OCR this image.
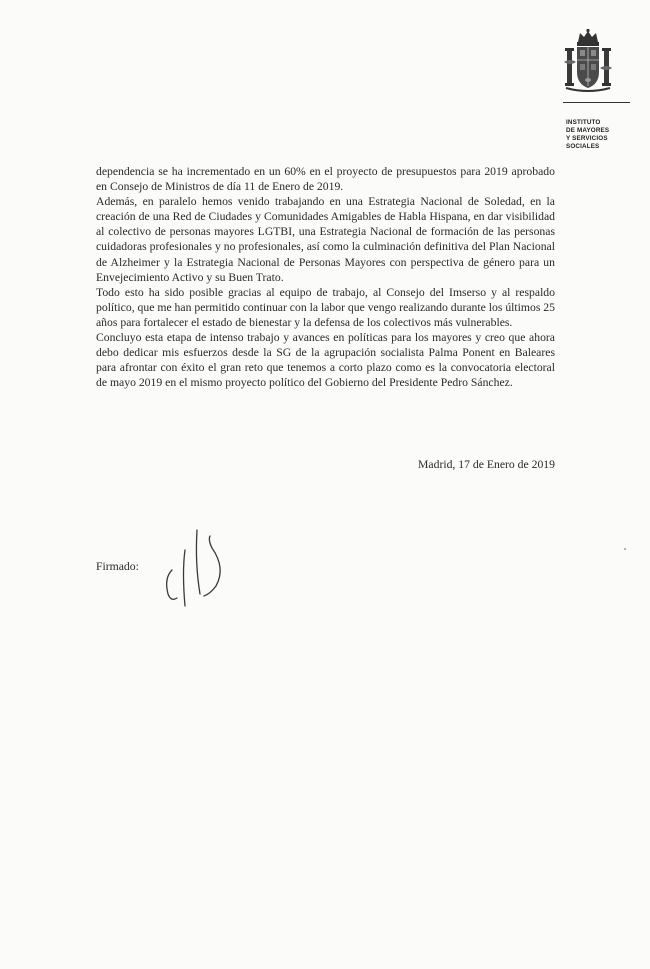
INSTITUTO
DE MAYORES
Y SERVICIOS
SOCIALES

dependencia se ha incrementado en un 60% en el proyecto de presupuestos para 2019 aprobado en Consejo de Ministros de día 11 de Enero de 2019.

Además, en paralelo hemos venido trabajando en una Estrategia Nacional de Soledad, en la creación de una Red de Ciudades y Comunidades Amigables de Habla Hispana, en dar visibilidad al colectivo de personas mayores LGTBI, una Estrategia Nacional de formación de las personas cuidadoras profesionales y no profesionales, así como la culminación definitiva del Plan Nacional de Alzheimer y la Estrategia Nacional de Personas Mayores con perspectiva de género para un Envejecimiento Activo y su Buen Trato.

Todo esto ha sido posible gracias al equipo de trabajo, al Consejo del Imserso y al respaldo político, que me han permitido continuar con la labor que vengo realizando durante los últimos 25 años para fortalecer el estado de bienestar y la defensa de los colectivos más vulnerables.

Concluyo esta etapa de intenso trabajo y avances en políticas para los mayores y creo que ahora debo dedicar mis esfuerzos desde la SG de la agrupación socialista Palma Ponent en Baleares para afrontar con éxito el gran reto que tenemos a corto plazo como es la convocatoria electoral de mayo 2019 en el mismo proyecto político del Gobierno del Presidente Pedro Sánchez.

Madrid, 17 de Enero de 2019
Firmado:
